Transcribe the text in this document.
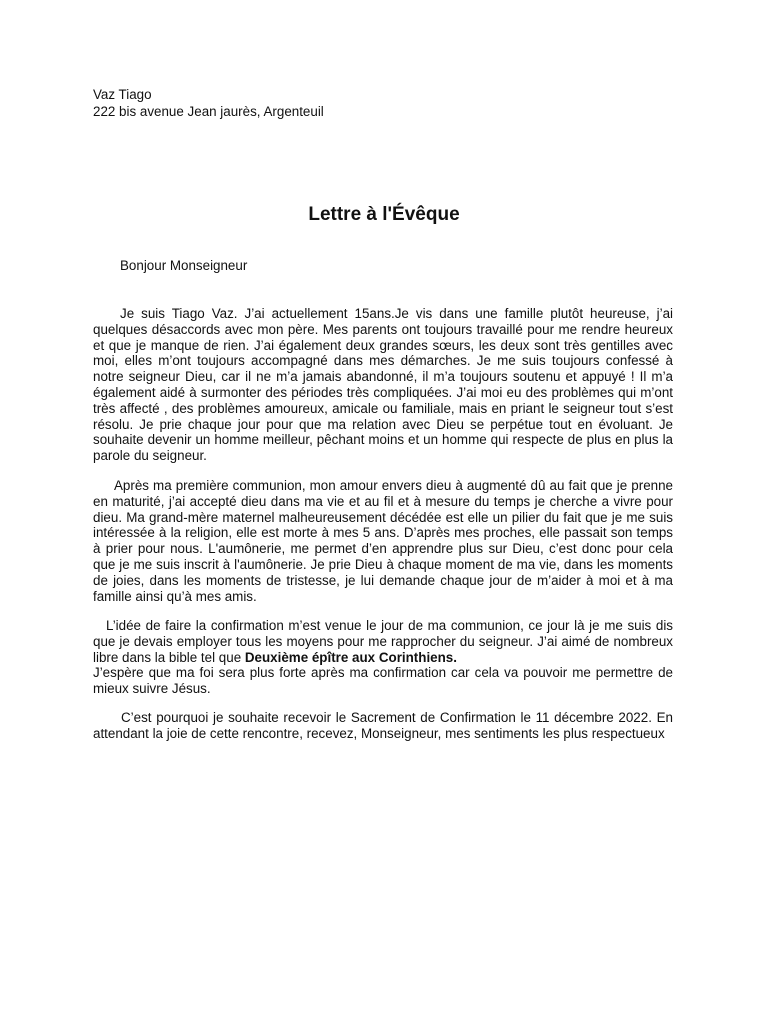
Vaz Tiago
222 bis avenue Jean jaurès, Argenteuil
Lettre à l'Évêque
Bonjour Monseigneur
Je suis Tiago Vaz. J’ai actuellement 15ans.Je vis dans une famille plutôt heureuse, j’ai quelques désaccords avec mon père. Mes parents ont toujours travaillé pour me rendre heureux et que je manque de rien. J’ai également deux grandes sœurs, les deux sont très gentilles avec moi, elles m’ont toujours accompagné dans mes démarches. Je me suis toujours confessé à notre seigneur Dieu, car il ne m’a jamais abandonné, il m’a toujours soutenu et appuyé ! Il m’a également aidé à surmonter des périodes très compliquées. J’ai moi eu des problèmes qui m’ont très affecté , des problèmes amoureux, amicale ou familiale, mais en priant le seigneur tout s’est résolu. Je prie chaque jour pour que ma relation avec Dieu se perpétue tout en évoluant. Je souhaite devenir un homme meilleur, pêchant moins et un homme qui respecte de plus en plus la parole du seigneur.
Après ma première communion, mon amour envers dieu à augmenté dû au fait que je prenne en maturité, j’ai accepté dieu dans ma vie et au fil et à mesure du temps je cherche a vivre pour dieu. Ma grand-mère maternel malheureusement décédée est elle un pilier du fait que je me suis intéressée à la religion, elle est morte à mes 5 ans. D’après mes proches, elle passait son temps à prier pour nous. L'aumônerie, me permet d’en apprendre plus sur Dieu, c’est donc pour cela que je me suis inscrit à l'aumônerie. Je prie Dieu à chaque moment de ma vie, dans les moments de joies, dans les moments de tristesse, je lui demande chaque jour de m’aider à moi et à ma famille ainsi qu’à mes amis.
L’idée de faire la confirmation m’est venue le jour de ma communion, ce jour là je me suis dis que je devais employer tous les moyens pour me rapprocher du seigneur. J’ai aimé de nombreux libre dans la bible tel que Deuxième épître aux Corinthiens.
J’espère que ma foi sera plus forte après ma confirmation car cela va pouvoir me permettre de mieux suivre Jésus.
C’est pourquoi je souhaite recevoir le Sacrement de Confirmation le 11 décembre 2022. En attendant la joie de cette rencontre, recevez, Monseigneur, mes sentiments les plus respectueux
